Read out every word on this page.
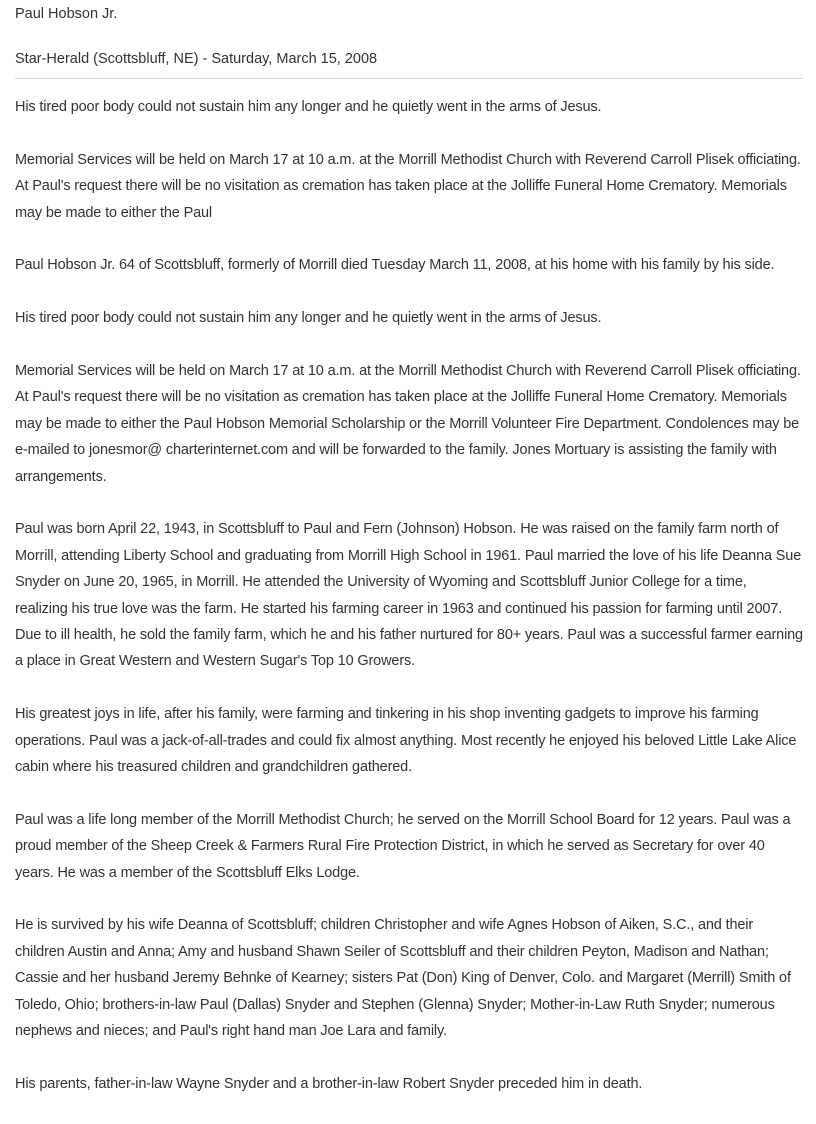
Paul Hobson Jr.
Star-Herald (Scottsbluff, NE) - Saturday, March 15, 2008

His tired poor body could not sustain him any longer and he quietly went in the arms of Jesus.

Memorial Services will be held on March 17 at 10 a.m. at the Morrill Methodist Church with Reverend Carroll Plisek officiating. At Paul's request there will be no visitation as cremation has taken place at the Jolliffe Funeral Home Crematory. Memorials may be made to either the Paul

Paul Hobson Jr. 64 of Scottsbluff, formerly of Morrill died Tuesday March 11, 2008, at his home with his family by his side.

His tired poor body could not sustain him any longer and he quietly went in the arms of Jesus.

Memorial Services will be held on March 17 at 10 a.m. at the Morrill Methodist Church with Reverend Carroll Plisek officiating. At Paul's request there will be no visitation as cremation has taken place at the Jolliffe Funeral Home Crematory. Memorials may be made to either the Paul Hobson Memorial Scholarship or the Morrill Volunteer Fire Department. Condolences may be e-mailed to jonesmor@ charterinternet.com and will be forwarded to the family. Jones Mortuary is assisting the family with arrangements.

Paul was born April 22, 1943, in Scottsbluff to Paul and Fern (Johnson) Hobson. He was raised on the family farm north of Morrill, attending Liberty School and graduating from Morrill High School in 1961. Paul married the love of his life Deanna Sue Snyder on June 20, 1965, in Morrill. He attended the University of Wyoming and Scottsbluff Junior College for a time, realizing his true love was the farm. He started his farming career in 1963 and continued his passion for farming until 2007. Due to ill health, he sold the family farm, which he and his father nurtured for 80+ years. Paul was a successful farmer earning a place in Great Western and Western Sugar's Top 10 Growers.

His greatest joys in life, after his family, were farming and tinkering in his shop inventing gadgets to improve his farming operations. Paul was a jack-of-all-trades and could fix almost anything. Most recently he enjoyed his beloved Little Lake Alice cabin where his treasured children and grandchildren gathered.

Paul was a life long member of the Morrill Methodist Church; he served on the Morrill School Board for 12 years. Paul was a proud member of the Sheep Creek & Farmers Rural Fire Protection District, in which he served as Secretary for over 40 years. He was a member of the Scottsbluff Elks Lodge.

He is survived by his wife Deanna of Scottsbluff; children Christopher and wife Agnes Hobson of Aiken, S.C., and their children Austin and Anna; Amy and husband Shawn Seiler of Scottsbluff and their children Peyton, Madison and Nathan; Cassie and her husband Jeremy Behnke of Kearney; sisters Pat (Don) King of Denver, Colo. and Margaret (Merrill) Smith of Toledo, Ohio; brothers-in-law Paul (Dallas) Snyder and Stephen (Glenna) Snyder; Mother-in-Law Ruth Snyder; numerous nephews and nieces; and Paul's right hand man Joe Lara and family.

His parents, father-in-law Wayne Snyder and a brother-in-law Robert Snyder preceded him in death.
